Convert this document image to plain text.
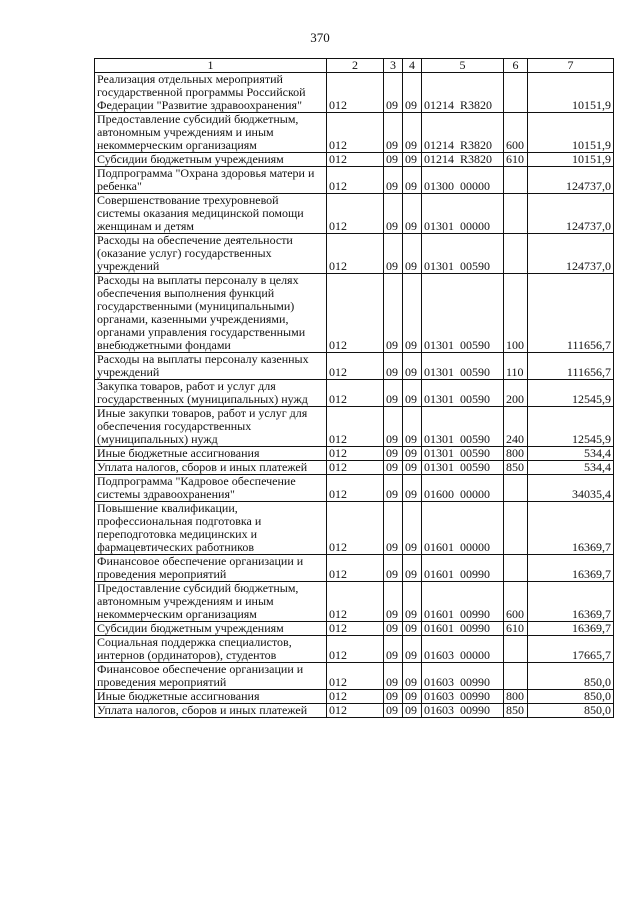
370
1	2	3	4	5	6	7
Реализация отдельных мероприятий государственной программы Российской Федерации "Развитие здравоохранения"	012	09	09	01214  R3820		10151,9
Предоставление субсидий бюджетным, автономным учреждениям и иным некоммерческим организациям	012	09	09	01214  R3820	600	10151,9
Субсидии бюджетным учреждениям	012	09	09	01214  R3820	610	10151,9
Подпрограмма "Охрана здоровья матери и ребенка"	012	09	09	01300  00000		124737,0
Совершенствование трехуровневой системы оказания медицинской помощи женщинам и детям	012	09	09	01301  00000		124737,0
Расходы на обеспечение деятельности (оказание услуг) государственных учреждений	012	09	09	01301  00590		124737,0
Расходы на выплаты персоналу в целях обеспечения выполнения функций государственными (муниципальными) органами, казенными учреждениями, органами управления государственными внебюджетными фондами	012	09	09	01301  00590	100	111656,7
Расходы на выплаты персоналу казенных учреждений	012	09	09	01301  00590	110	111656,7
Закупка товаров, работ и услуг для государственных (муниципальных) нужд	012	09	09	01301  00590	200	12545,9
Иные закупки товаров, работ и услуг для обеспечения государственных (муниципальных) нужд	012	09	09	01301  00590	240	12545,9
Иные бюджетные ассигнования	012	09	09	01301  00590	800	534,4
Уплата налогов, сборов и иных платежей	012	09	09	01301  00590	850	534,4
Подпрограмма "Кадровое обеспечение системы здравоохранения"	012	09	09	01600  00000		34035,4
Повышение квалификации, профессиональная подготовка и переподготовка медицинских и фармацевтических работников	012	09	09	01601  00000		16369,7
Финансовое обеспечение организации и проведения мероприятий	012	09	09	01601  00990		16369,7
Предоставление субсидий бюджетным, автономным учреждениям и иным некоммерческим организациям	012	09	09	01601  00990	600	16369,7
Субсидии бюджетным учреждениям	012	09	09	01601  00990	610	16369,7
Социальная поддержка специалистов, интернов (ординаторов), студентов	012	09	09	01603  00000		17665,7
Финансовое обеспечение организации и проведения мероприятий	012	09	09	01603  00990		850,0
Иные бюджетные ассигнования	012	09	09	01603  00990	800	850,0
Уплата налогов, сборов и иных платежей	012	09	09	01603  00990	850	850,0
